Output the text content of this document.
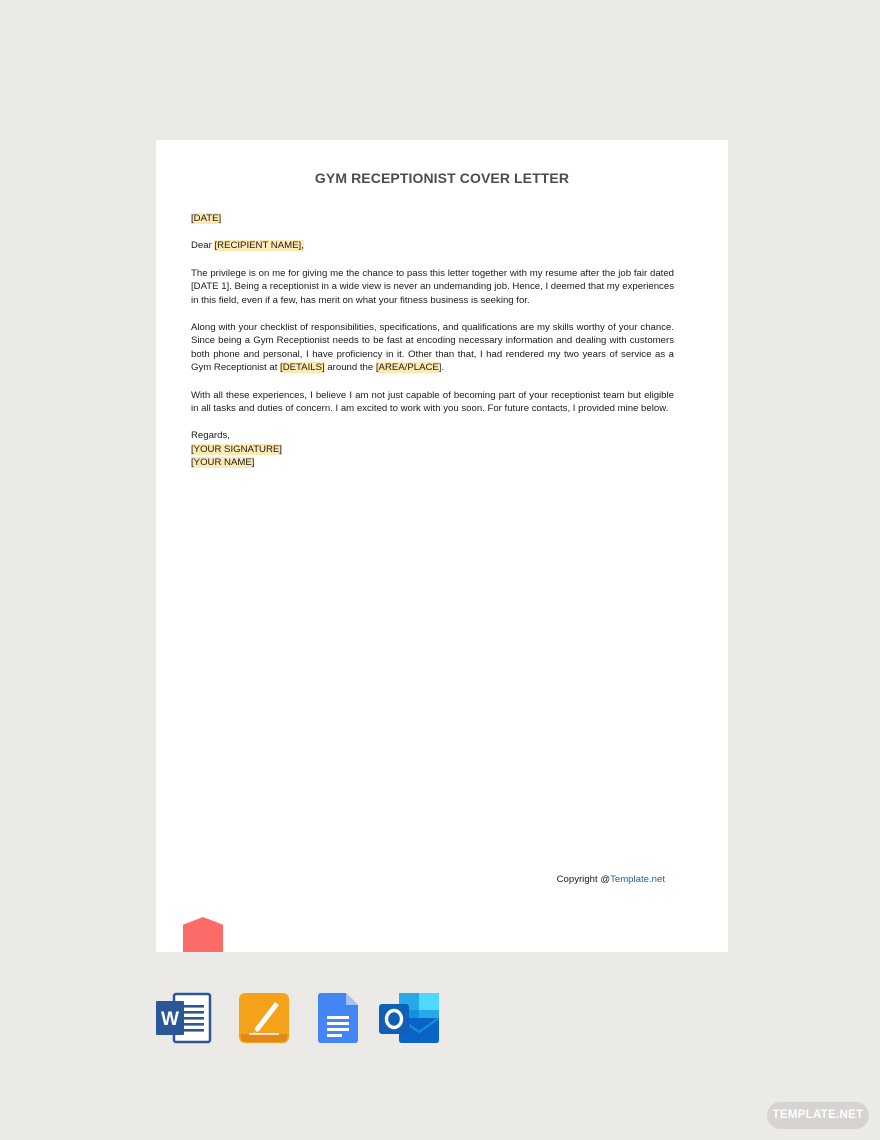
GYM RECEPTIONIST COVER LETTER

[DATE]

Dear [RECIPIENT NAME],

The privilege is on me for giving me the chance to pass this letter together with my resume after the job fair dated [DATE 1]. Being a receptionist in a wide view is never an undemanding job. Hence, I deemed that my experiences in this field, even if a few, has merit on what your fitness business is seeking for.

Along with your checklist of responsibilities, specifications, and qualifications are my skills worthy of your chance. Since being a Gym Receptionist needs to be fast at encoding necessary information and dealing with customers both phone and personal, I have proficiency in it. Other than that, I had rendered my two years of service as a Gym Receptionist at [DETAILS] around the [AREA/PLACE].

With all these experiences, I believe I am not just capable of becoming part of your receptionist team but eligible in all tasks and duties of concern. I am excited to work with you soon. For future contacts, I provided mine below.

Regards,

[YOUR SIGNATURE]

[YOUR NAME]

Copyright @Template.net
W
TEMPLATE.NET
